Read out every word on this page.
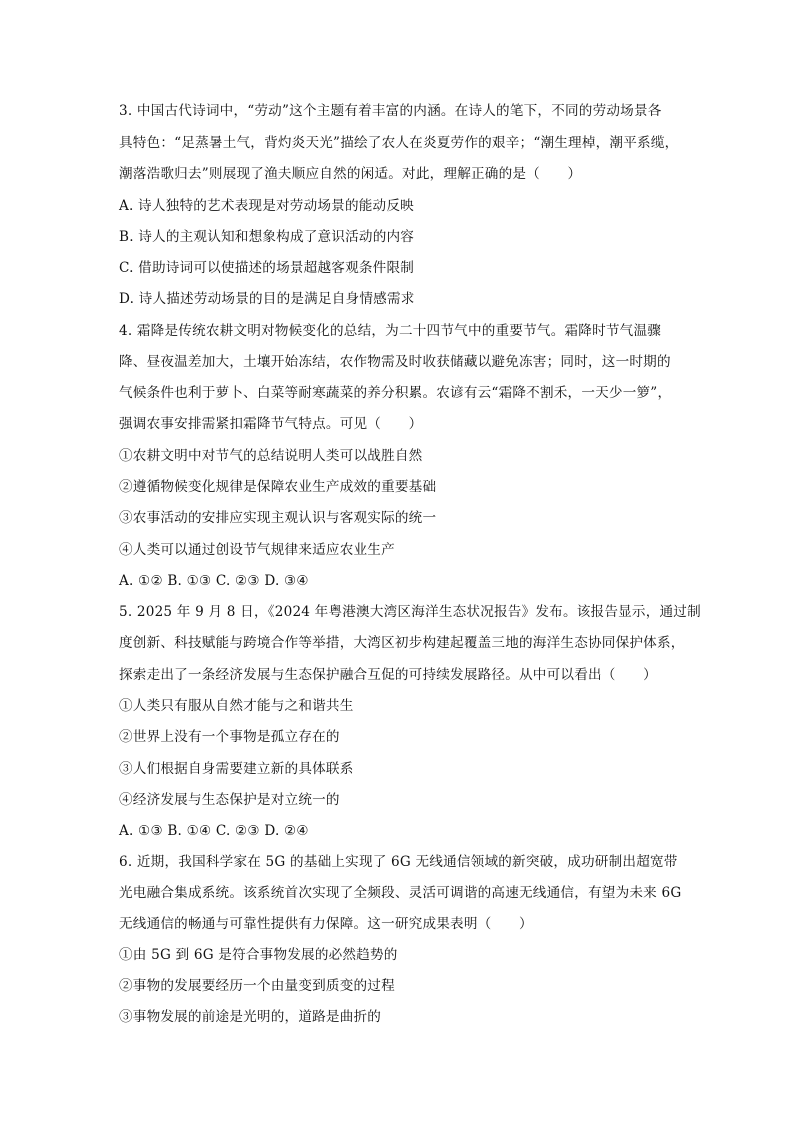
3. 中国古代诗词中，“劳动”这个主题有着丰富的内涵。在诗人的笔下，不同的劳动场景各
具特色：“足蒸暑土气，背灼炎天光”描绘了农人在炎夏劳作的艰辛；“潮生理棹，潮平系缆，
潮落浩歌归去”则展现了渔夫顺应自然的闲适。对此，理解正确的是（　　）
A. 诗人独特的艺术表现是对劳动场景的能动反映
B. 诗人的主观认知和想象构成了意识活动的内容
C. 借助诗词可以使描述的场景超越客观条件限制
D. 诗人描述劳动场景的目的是满足自身情感需求
4. 霜降是传统农耕文明对物候变化的总结，为二十四节气中的重要节气。霜降时节气温骤
降、昼夜温差加大，土壤开始冻结，农作物需及时收获储藏以避免冻害；同时，这一时期的
气候条件也利于萝卜、白菜等耐寒蔬菜的养分积累。农谚有云“霜降不割禾，一天少一箩”，
强调农事安排需紧扣霜降节气特点。可见（　　）
①农耕文明中对节气的总结说明人类可以战胜自然
②遵循物候变化规律是保障农业生产成效的重要基础
③农事活动的安排应实现主观认识与客观实际的统一
④人类可以通过创设节气规律来适应农业生产
A. ①② B. ①③ C. ②③ D. ③④
5. 2025 年 9 月 8 日，《2024 年粤港澳大湾区海洋生态状况报告》发布。该报告显示，通过制
度创新、科技赋能与跨境合作等举措，大湾区初步构建起覆盖三地的海洋生态协同保护体系，
探索走出了一条经济发展与生态保护融合互促的可持续发展路径。从中可以看出（　　）
①人类只有服从自然才能与之和谐共生
②世界上没有一个事物是孤立存在的
③人们根据自身需要建立新的具体联系
④经济发展与生态保护是对立统一的
A. ①③ B. ①④ C. ②③ D. ②④
6. 近期，我国科学家在 5G 的基础上实现了 6G 无线通信领域的新突破，成功研制出超宽带
光电融合集成系统。该系统首次实现了全频段、灵活可调谐的高速无线通信，有望为未来 6G
无线通信的畅通与可靠性提供有力保障。这一研究成果表明（　　）
①由 5G 到 6G 是符合事物发展的必然趋势的
②事物的发展要经历一个由量变到质变的过程
③事物发展的前途是光明的，道路是曲折的
